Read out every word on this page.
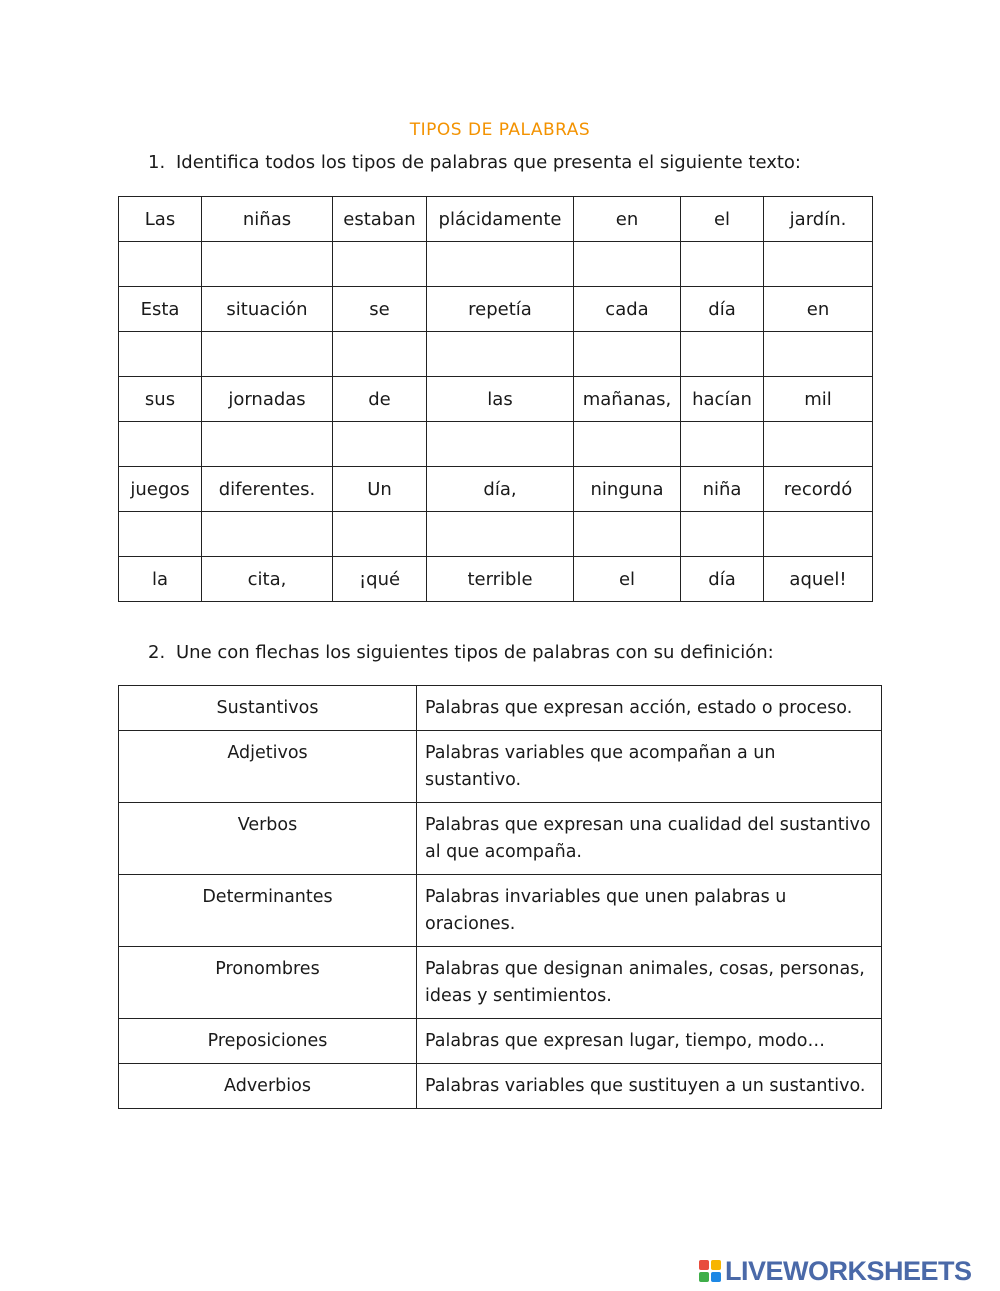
TIPOS DE PALABRAS
1. Identifica todos los tipos de palabras que presenta el siguiente texto:
Las	niñas	estaban	plácidamente	en	el	jardín.

Esta	situación	se	repetía	cada	día	en

sus	jornadas	de	las	mañanas,	hacían	mil

juegos	diferentes.	Un	día,	ninguna	niña	recordó

la	cita,	¡qué	terrible	el	día	aquel!
2. Une con flechas los siguientes tipos de palabras con su definición:
Sustantivos	Palabras que expresan acción, estado o proceso.
Adjetivos	Palabras variables que acompañan a un sustantivo.
Verbos	Palabras que expresan una cualidad del sustantivo al que acompaña.
Determinantes	Palabras invariables que unen palabras u oraciones.
Pronombres	Palabras que designan animales, cosas, personas, ideas y sentimientos.
Preposiciones	Palabras que expresan lugar, tiempo, modo…
Adverbios	Palabras variables que sustituyen a un sustantivo.
LIVEWORKSHEETS
